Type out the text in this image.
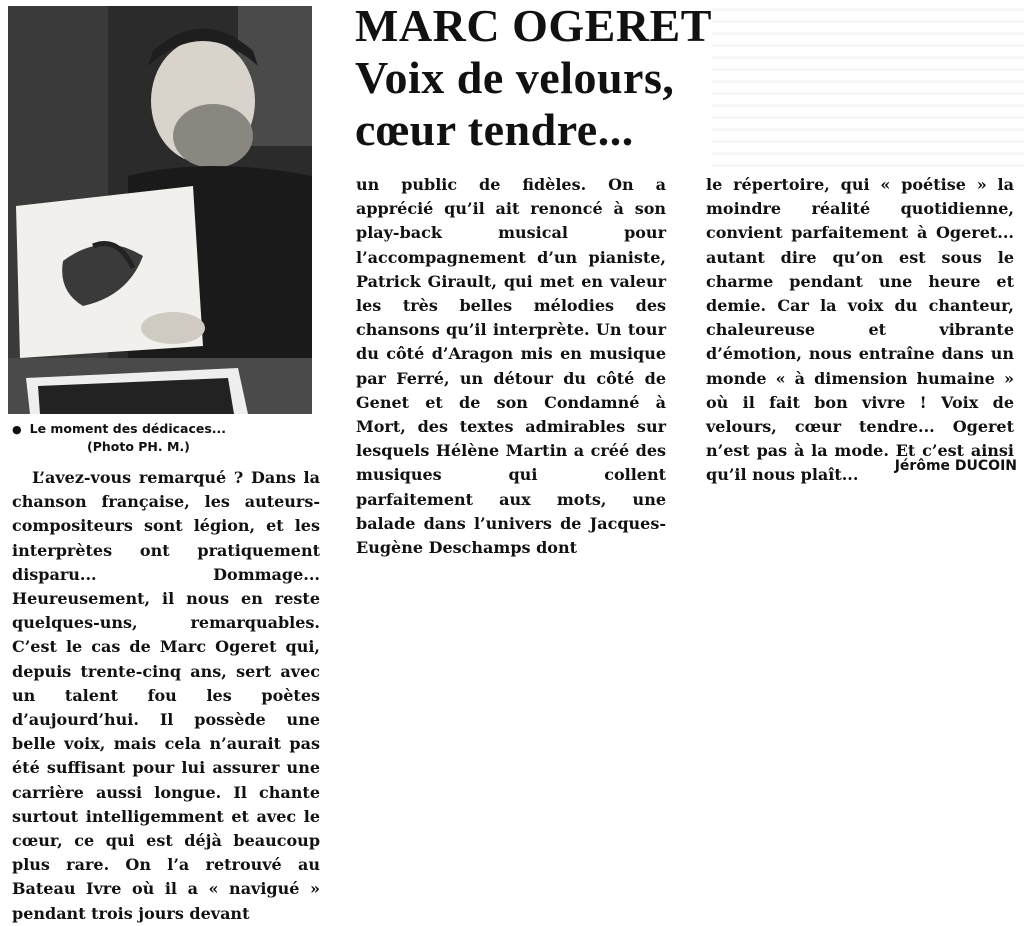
● Le moment des dédicaces...
(Photo PH. M.)
MARC OGERET
Voix de velours,
cœur tendre...
L’avez-vous remarqué ? Dans la chanson française, les auteurs-compositeurs sont légion, et les interprètes ont pratiquement disparu... Dommage... Heureusement, il nous en reste quelques-uns, remarquables. C’est le cas de Marc Ogeret qui, depuis trente-cinq ans, sert avec un talent fou les poètes d’aujourd’hui. Il possède une belle voix, mais cela n’aurait pas été suffisant pour lui assurer une carrière aussi longue. Il chante surtout intelligemment et avec le cœur, ce qui est déjà beaucoup plus rare. On l’a retrouvé au Bateau Ivre où il a « navigué » pendant trois jours devant
un public de fidèles. On a apprécié qu’il ait renoncé à son play-back musical pour l’accompagnement d’un pianiste, Patrick Girault, qui met en valeur les très belles mélodies des chansons qu’il interprète. Un tour du côté d’Aragon mis en musique par Ferré, un détour du côté de Genet et de son Condamné à Mort, des textes admirables sur lesquels Hélène Martin a créé des musiques qui collent parfaitement aux mots, une balade dans l’univers de Jacques-Eugène Deschamps dont
le répertoire, qui « poétise » la moindre réalité quotidienne, convient parfaitement à Ogeret... autant dire qu’on est sous le charme pendant une heure et demie. Car la voix du chanteur, chaleureuse et vibrante d’émotion, nous entraîne dans un monde « à dimension humaine » où il fait bon vivre ! Voix de velours, cœur tendre... Ogeret n’est pas à la mode. Et c’est ainsi qu’il nous plaît...	Jérôme DUCOIN
